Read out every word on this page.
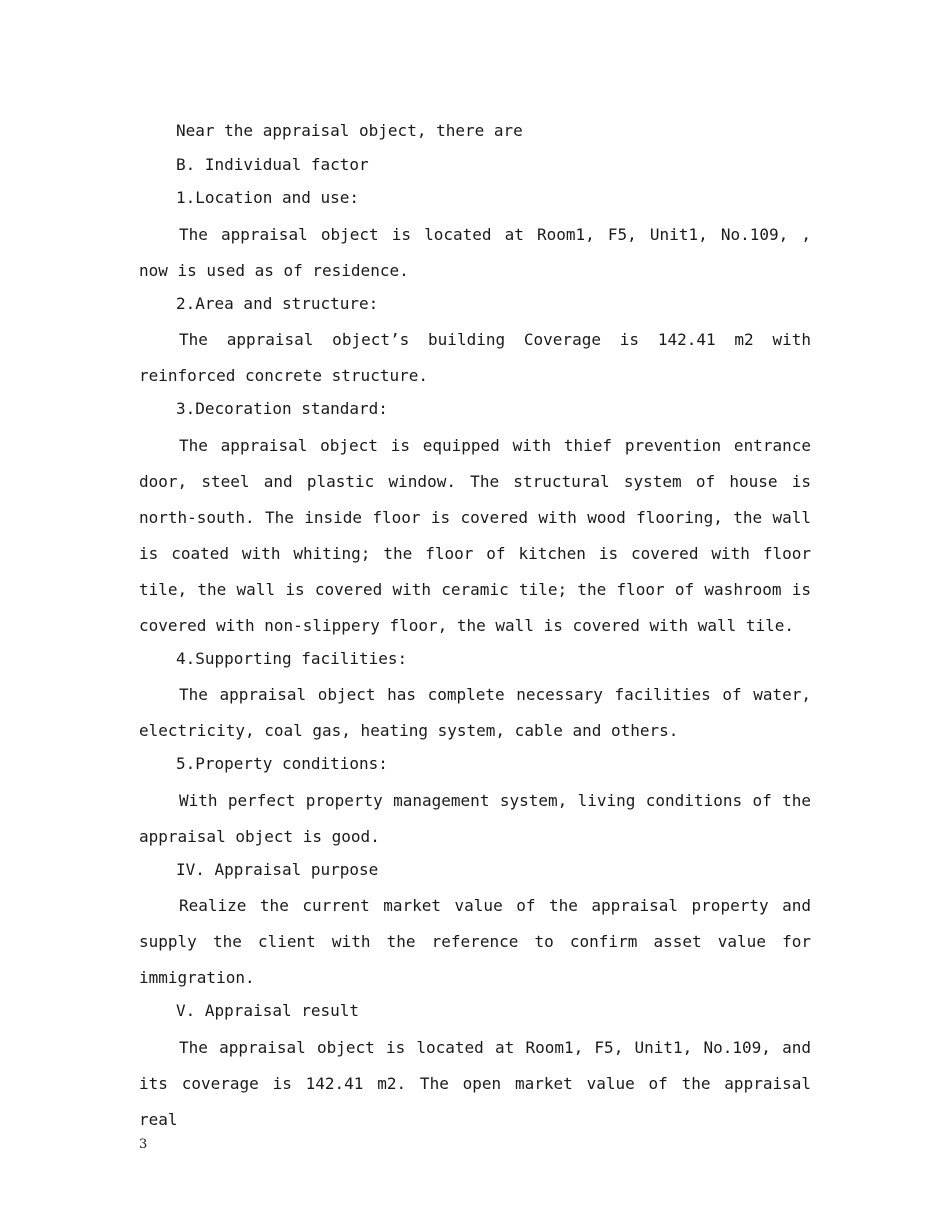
Near the appraisal object, there are

B. Individual factor

1.Location and use:

The appraisal object is located at Room1, F5, Unit1, No.109, , now is used as of residence.

2.Area and structure:

The appraisal object’s building Coverage is 142.41 m2 with reinforced concrete structure.

3.Decoration standard:

The appraisal object is equipped with thief prevention entrance door, steel and plastic window. The structural system of house is north-south. The inside floor is covered with wood flooring, the wall is coated with whiting; the floor of kitchen is covered with floor tile, the wall is covered with ceramic tile; the floor of washroom is covered with non-slippery floor, the wall is covered with wall tile.

4.Supporting facilities:

The appraisal object has complete necessary facilities of water, electricity, coal gas, heating system, cable and others.

5.Property conditions:

With perfect property management system, living conditions of the appraisal object is good.

IV. Appraisal purpose

Realize the current market value of the appraisal property and supply the client with the reference to confirm asset value for immigration.

V. Appraisal result

The appraisal object is located at Room1, F5, Unit1, No.109, and its coverage is 142.41 m2. The open market value of the appraisal real

3
